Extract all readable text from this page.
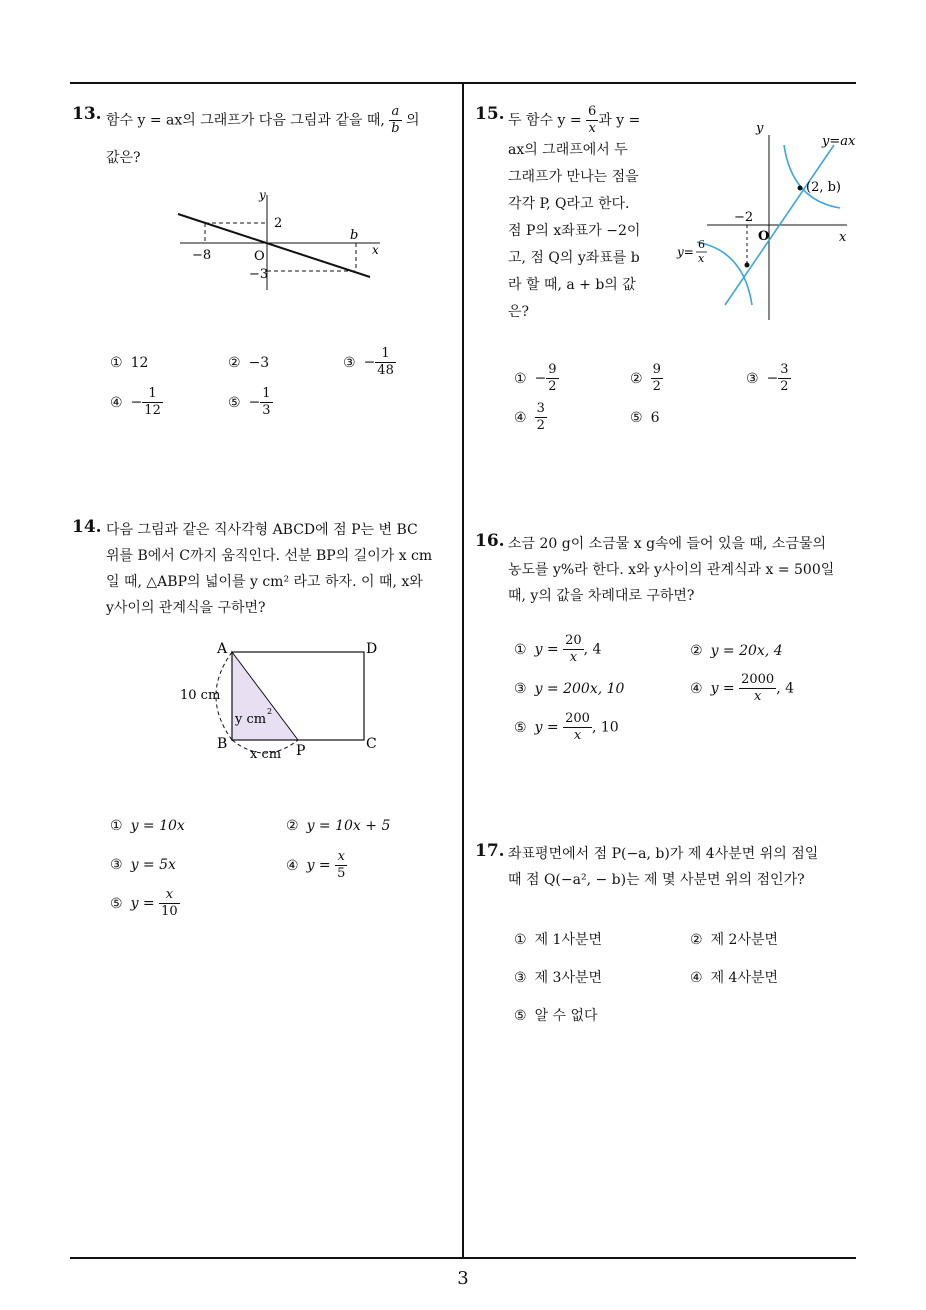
13. 함수 y = ax의 그래프가 다음 그림과 같을 때, $\frac{a}{b}$ 의
값은?
y
x
2
−8	O
−3
b
① 12	② −3	③ − $\frac{1}{48}$
④ − $\frac{1}{12}$	⑤ − $\frac{1}{3}$
14. 다음 그림과 같은 직사각형 ABCD에 점 P는 변 BC
위를 B에서 C까지 움직인다. 선분 BP의 길이가 x cm
일 때, △ABP의 넓이를 y cm² 라고 하자. 이 때, x와
y사이의 관계식을 구하면?
A	D
B	C
P
10 cm
y cm
2
x cm
① y = 10x	② y = 10x + 5
③ y = 5x	④ $y = \frac{x}{5}$
⑤ $y = \frac{x}{10}$
15. 두 함수 $y = \frac{6}{x}$ 과 y =
ax의 그래프에서 두
그래프가 만나는 점을
각각 P, Q라고 한다.
점 P의 x좌표가 −2이
고, 점 Q의 y좌표를 b
라 할 때, a + b의 값
은?
y
y=ax
(2, b)
−2
O	x
y=
6
x
① − $\frac{9}{2}$	② $\frac{9}{2}$	③ − $\frac{3}{2}$
④ $\frac{3}{2}$	⑤ 6
16. 소금 20 g이 소금물 x g속에 들어 있을 때, 소금물의
농도를 y%라 한다. x와 y사이의 관계식과 x = 500일
때, y의 값을 차례대로 구하면?
① $y = \frac{20}{x}$ , 4	② y = 20x, 4
③ y = 200x, 10	④ $y = \frac{2000}{x}$ , 4
⑤ $y = \frac{200}{x}$ , 10
17. 좌표평면에서 점 P(−a, b)가 제 4사분면 위의 점일
때 점 Q(−a², − b)는 제 몇 사분면 위의 점인가?
① 제 1사분면	② 제 2사분면
③ 제 3사분면	④ 제 4사분면
⑤ 알 수 없다
3
